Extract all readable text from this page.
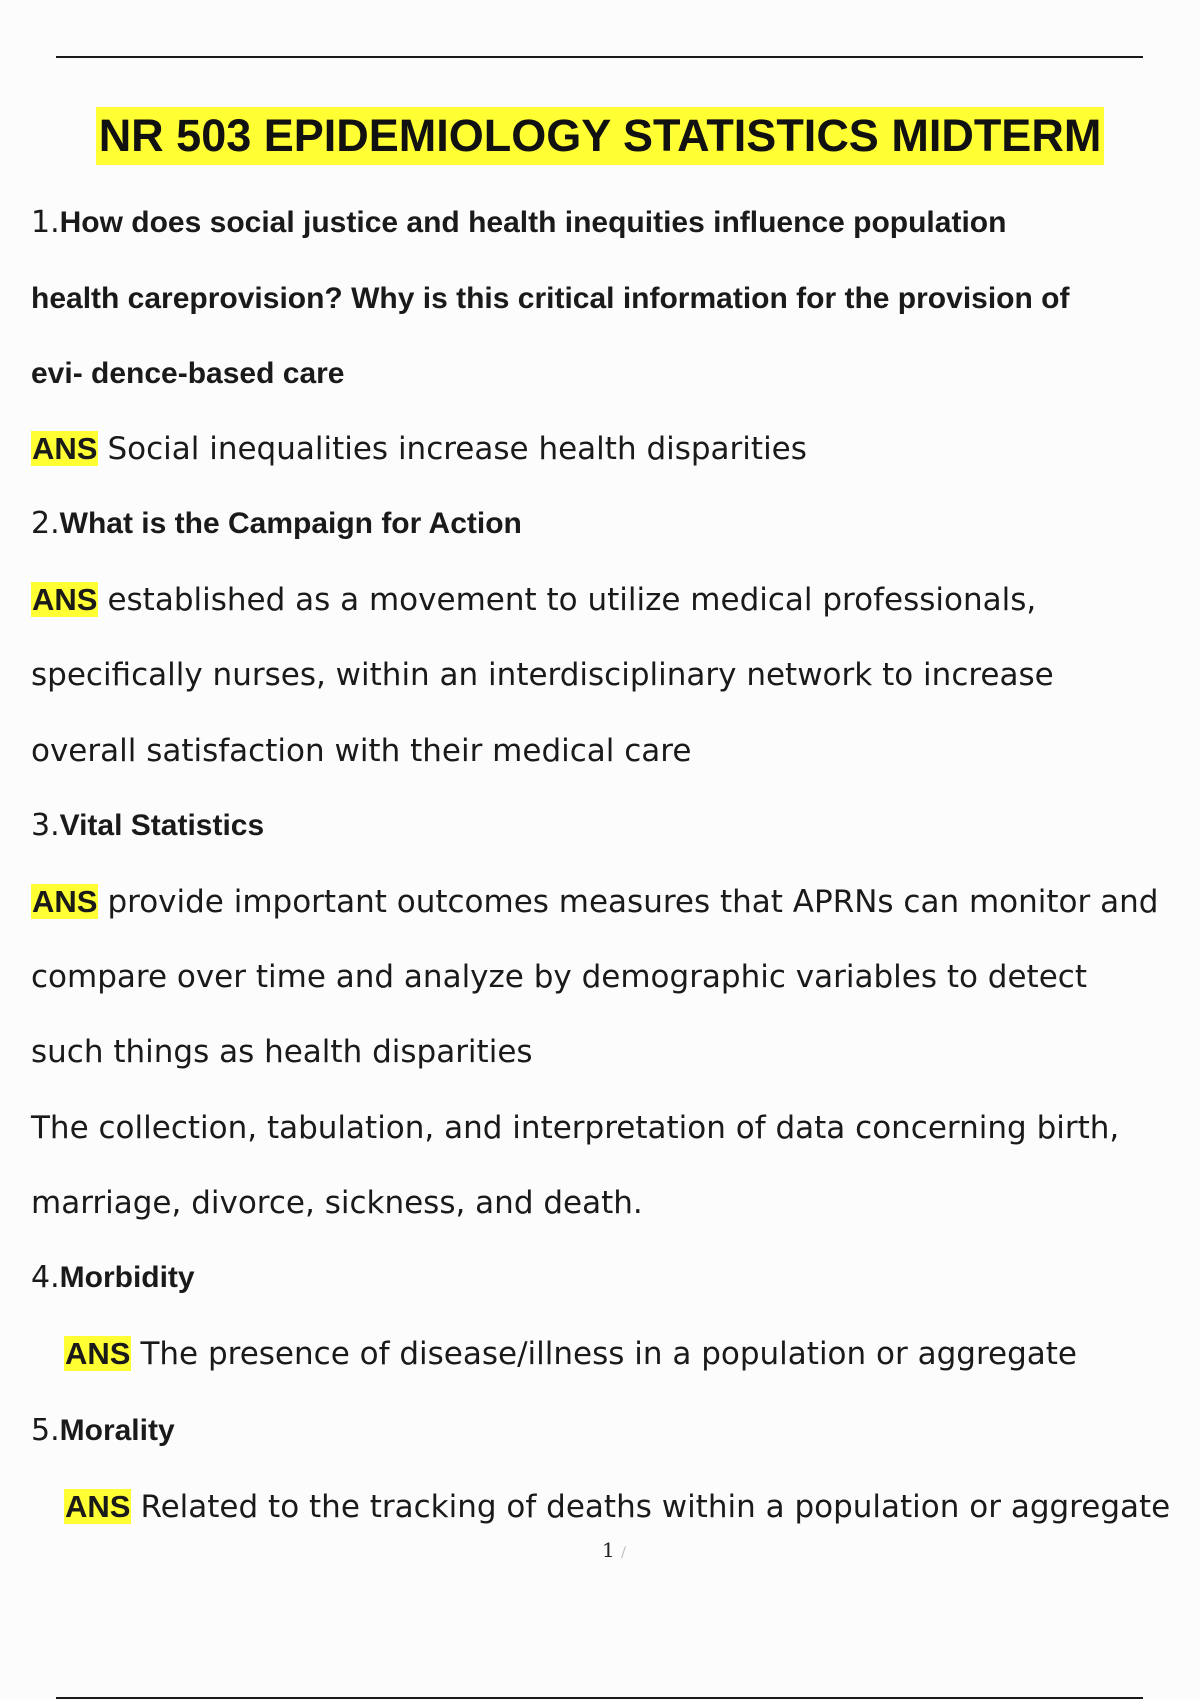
NR 503 EPIDEMIOLOGY STATISTICS MIDTERM
1.How does social justice and health inequities influence population
health careprovision? Why is this critical information for the provision of
evi- dence-based care
ANS Social inequalities increase health disparities
2.What is the Campaign for Action
ANS established as a movement to utilize medical professionals,
specifically nurses, within an interdisciplinary network to increase
overall satisfaction with their medical care
3.Vital Statistics
ANS provide important outcomes measures that APRNs can monitor and
compare over time and analyze by demographic variables to detect
such things as health disparities
The collection, tabulation, and interpretation of data concerning birth,
marriage, divorce, sickness, and death.
4.Morbidity
ANS The presence of disease/illness in a population or aggregate
5.Morality
ANS Related to the tracking of deaths within a population or aggregate
1 /
